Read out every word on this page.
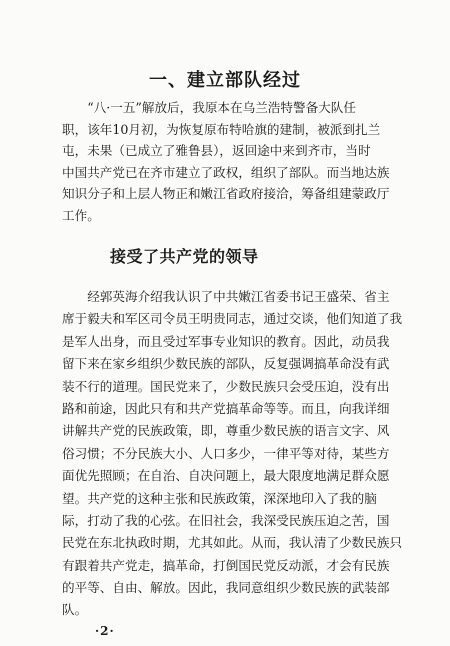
一、建立部队经过
　　“八·一五”解放后，我原本在乌兰浩特警备大队任
职，该年10月初，为恢复原布特哈旗的建制，被派到扎兰
屯，未果（已成立了雅鲁县），返回途中来到齐市，当时
中国共产党已在齐市建立了政权，组织了部队。而当地达族
知识分子和上层人物正和嫩江省政府接洽，筹备组建蒙政厅
工作。
接受了共产党的领导
　　经郭英海介绍我认识了中共嫩江省委书记王盛荣、省主
席于毅夫和军区司令员王明贵同志，通过交谈，他们知道了我
是军人出身，而且受过军事专业知识的教育。因此，动员我
留下来在家乡组织少数民族的部队，反复强调搞革命没有武
装不行的道理。国民党来了，少数民族只会受压迫，没有出
路和前途，因此只有和共产党搞革命等等。而且，向我详细
讲解共产党的民族政策，即，尊重少数民族的语言文字、风
俗习惯；不分民族大小、人口多少，一律平等对待，某些方
面优先照顾；在自治、自决问题上，最大限度地满足群众愿
望。共产党的这种主张和民族政策，深深地印入了我的脑
际，打动了我的心弦。在旧社会，我深受民族压迫之苦，国
民党在东北执政时期，尤其如此。从而，我认清了少数民族只
有跟着共产党走，搞革命，打倒国民党反动派，才会有民族
的平等、自由、解放。因此，我同意组织少数民族的武装部
队。
·2·
